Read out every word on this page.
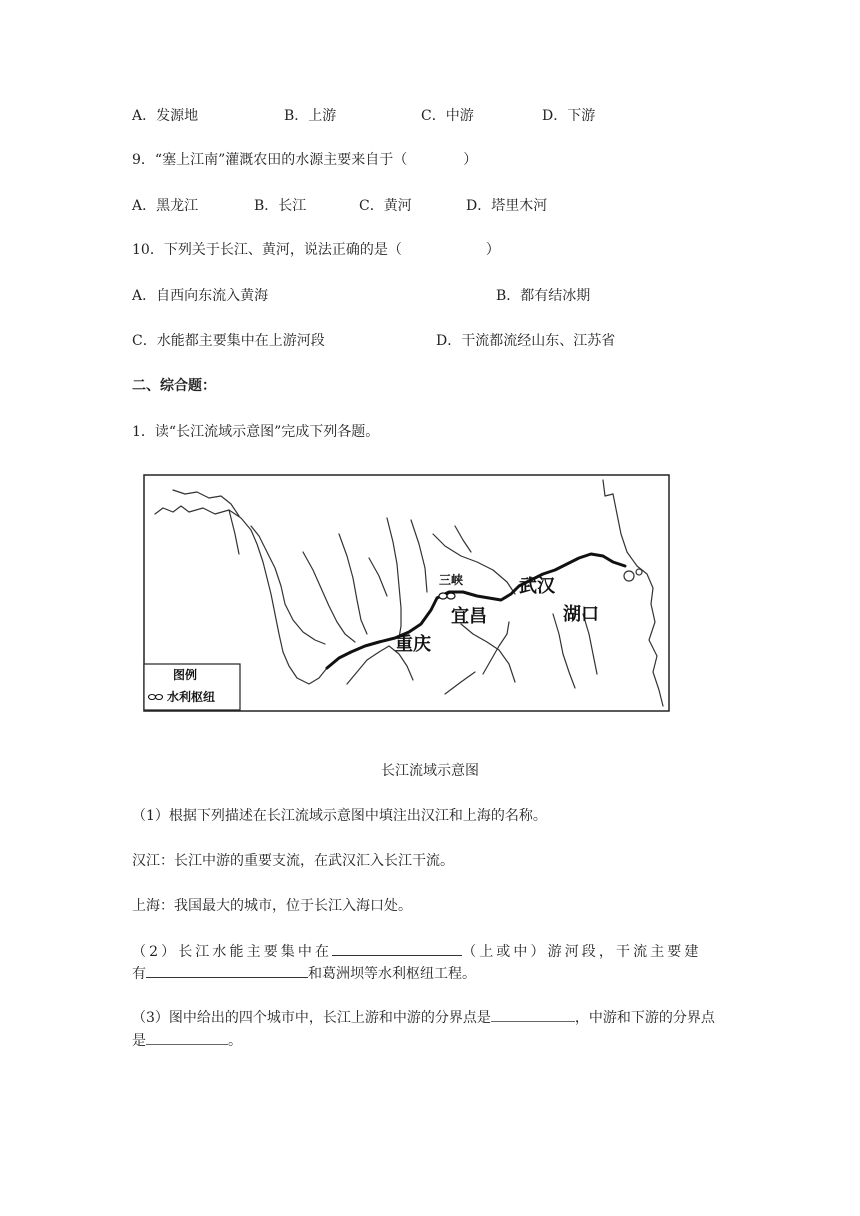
A．发源地	B．上游	C．中游	D．下游
9．“塞上江南”灌溉农田的水源主要来自于（　　　　）
A．黑龙江	B．长江	C．黄河	D．塔里木河
10．下列关于长江、黄河，说法正确的是（　　　　　　）
A．自西向东流入黄海	B．都有结冰期
C．水能都主要集中在上游河段	D．干流都流经山东、江苏省
二、综合题：
1．读“长江流域示意图”完成下列各题。
三峡
重庆
宜昌
武汉
湖口
图例
水利枢纽
长江流域示意图
（1）根据下列描述在长江流域示意图中填注出汉江和上海的名称。
汉江：长江中游的重要支流，在武汉汇入长江干流。
上海：我国最大的城市，位于长江入海口处。
（2）长江水能主要集中在	（上或中）游河段，干流主要建
有	和葛洲坝等水利枢纽工程。
（3）图中给出的四个城市中，长江上游和中游的分界点是	，中游和下游的分界点
是	。
